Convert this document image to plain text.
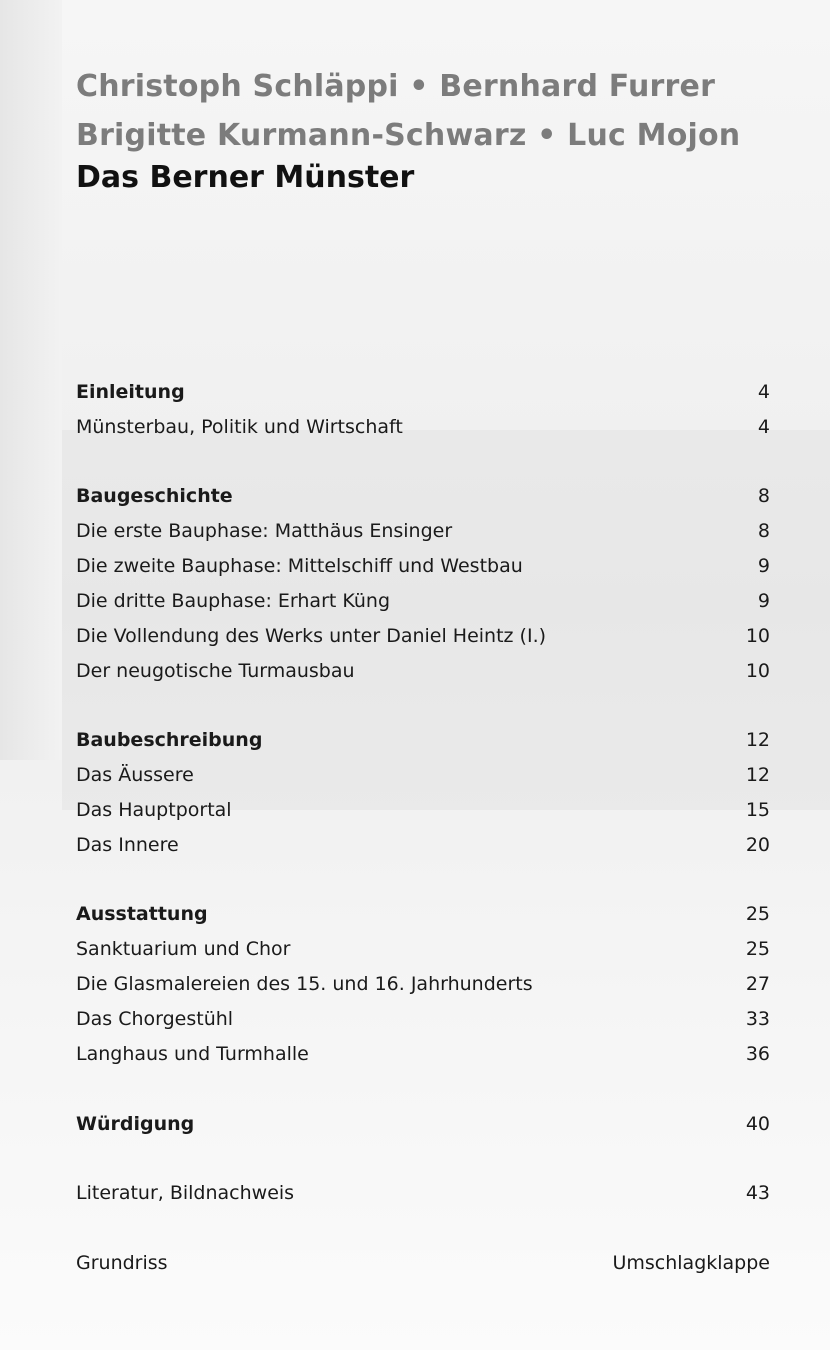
Christoph Schläppi • Bernhard Furrer
Brigitte Kurmann-Schwarz • Luc Mojon
Das Berner Münster
Einleitung	4
Münsterbau, Politik und Wirtschaft	4
Baugeschichte	8
Die erste Bauphase: Matthäus Ensinger	8
Die zweite Bauphase: Mittelschiff und Westbau	9
Die dritte Bauphase: Erhart Küng	9
Die Vollendung des Werks unter Daniel Heintz (I.)	10
Der neugotische Turmausbau	10
Baubeschreibung	12
Das Äussere	12
Das Hauptportal	15
Das Innere	20
Ausstattung	25
Sanktuarium und Chor	25
Die Glasmalereien des 15. und 16. Jahrhunderts	27
Das Chorgestühl	33
Langhaus und Turmhalle	36
Würdigung	40
Literatur, Bildnachweis	43
Grundriss	Umschlagklappe
